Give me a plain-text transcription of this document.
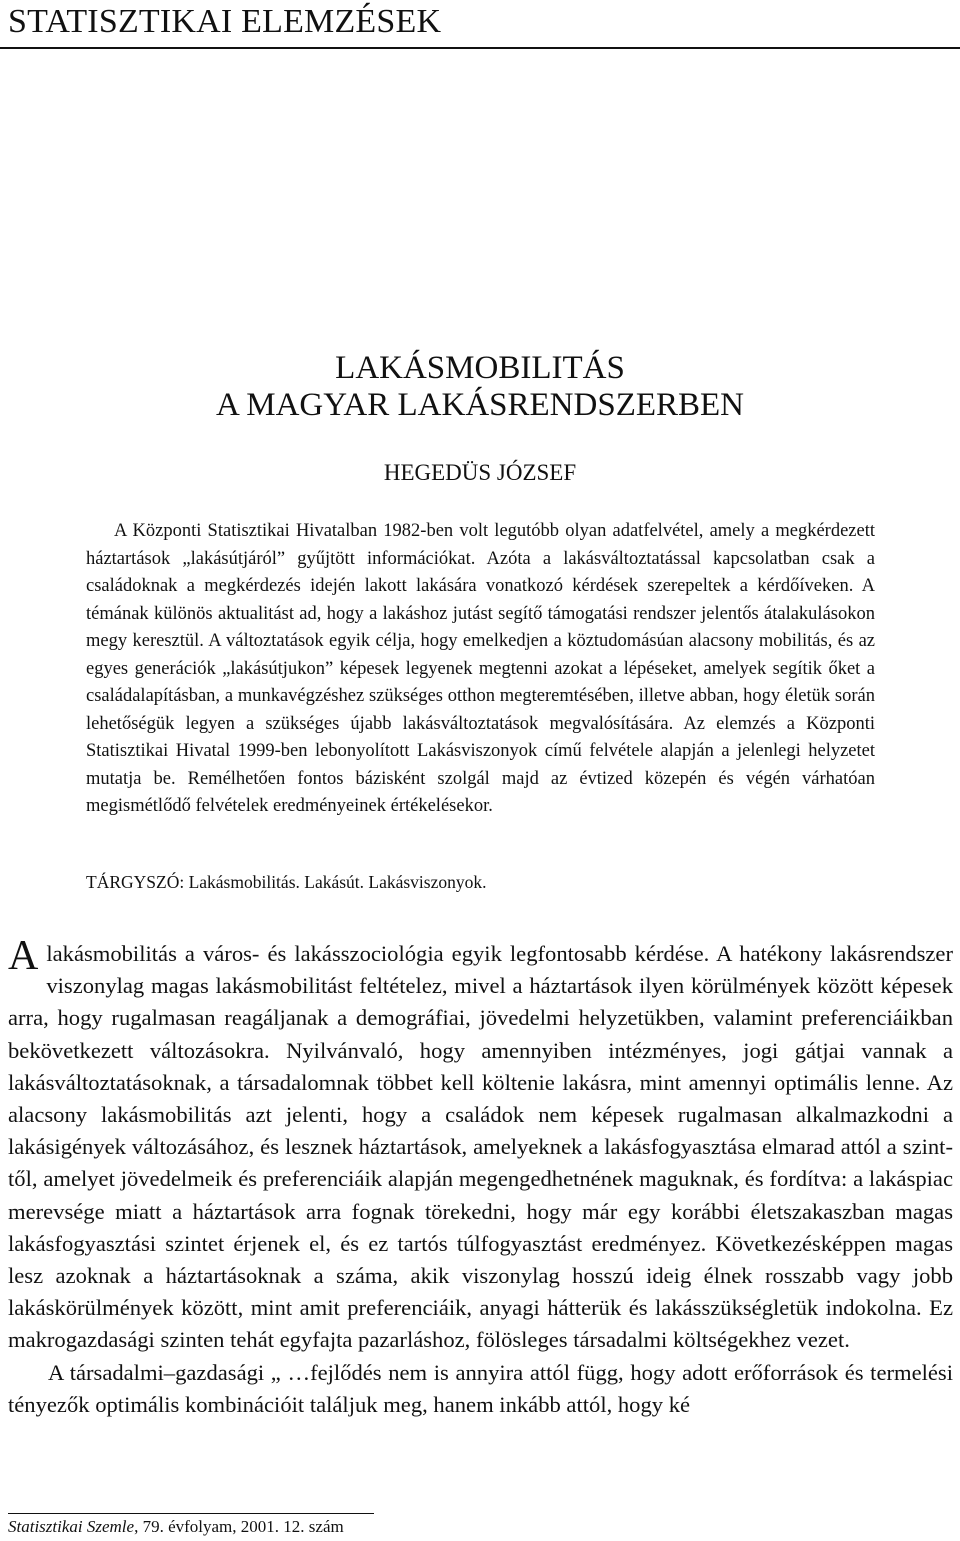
STATISZTIKAI ELEMZÉSEK
LAKÁSMOBILITÁS
A MAGYAR LAKÁSRENDSZERBEN
HEGEDÜS JÓZSEF
A Központi Statisztikai Hivatalban 1982-ben volt legutóbb olyan adatfelvétel, amely a megkérdezett háztartások „lakásútjáról” gyűjtött információkat. Azóta a lakásváltoztatással kapcsolatban csak a családoknak a megkérdezés idején lakott lakására vonatkozó kérdések szerepeltek a kérdőíveken. A témának különös aktualitást ad, hogy a lakáshoz jutást segítő támogatási rendszer jelentős átalakulásokon megy keresztül. A változtatások egyik célja, hogy emelkedjen a köztudomásúan alacsony mobilitás, és az egyes generációk „lakásútjukon” képesek legyenek megtenni azokat a lépéseket, amelyek segítik őket a családalapításban, a munkavégzéshez szükséges otthon megteremtésében, illetve abban, hogy életük során lehetőségük legyen a szükséges újabb lakásváltoztatások megvalósítására. Az elemzés a Központi Statisztikai Hivatal 1999-ben lebonyolított Lakásviszonyok című felvétele alapján a jelenlegi helyzetet mutatja be. Remélhetően fontos bázisként szolgál majd az évtized közepén és végén várhatóan megismétlődő felvételek eredményeinek értékelésekor.
TÁRGYSZÓ: Lakásmobilitás. Lakásút. Lakásviszonyok.

A lakásmobilitás a város- és lakásszociológia egyik legfontosabb kérdése. A hatékony lakásrendszer viszonylag magas lakásmobilitást feltételez, mivel a háztartások ilyen körülmények között képesek arra, hogy rugalmasan reagáljanak a demográfiai, jövedelmi helyzetükben, valamint preferenciáikban bekövetkezett változásokra. Nyilvánvaló, hogy amennyiben intézményes, jogi gátjai vannak a lakásváltoztatásoknak, a társadalomnak többet kell költenie lakásra, mint amennyi optimális lenne. Az alacsony lakásmobilitás azt jelenti, hogy a családok nem képesek rugalmasan alkalmazkodni a lakásigények változásához, és lesznek háztartások, amelyeknek a lakásfogyasztása elmarad attól a szinttől, amelyet jövedelmeik és preferenciáik alapján megengedhetnének maguknak, és fordítva: a lakáspiac merevsége miatt a háztartások arra fognak törekedni, hogy már egy korábbi életszakaszban magas lakásfogyasztási szintet érjenek el, és ez tartós túlfogyasztást eredményez. Következésképpen magas lesz azoknak a háztartásoknak a száma, akik viszonylag hosszú ideig élnek rosszabb vagy jobb lakáskörülmények között, mint amit preferenciáik, anyagi hátterük és lakásszükségletük indokolna. Ez makrogazdasági szinten tehát egyfajta pazarláshoz, fölösleges társadalmi költségekhez vezet.

A társadalmi–gazdasági „ …fejlődés nem is annyira attól függ, hogy adott erőforrások és termelési tényezők optimális kombinációit találjuk meg, hanem inkább attól, hogy ké

Statisztikai Szemle, 79. évfolyam, 2001. 12. szám
